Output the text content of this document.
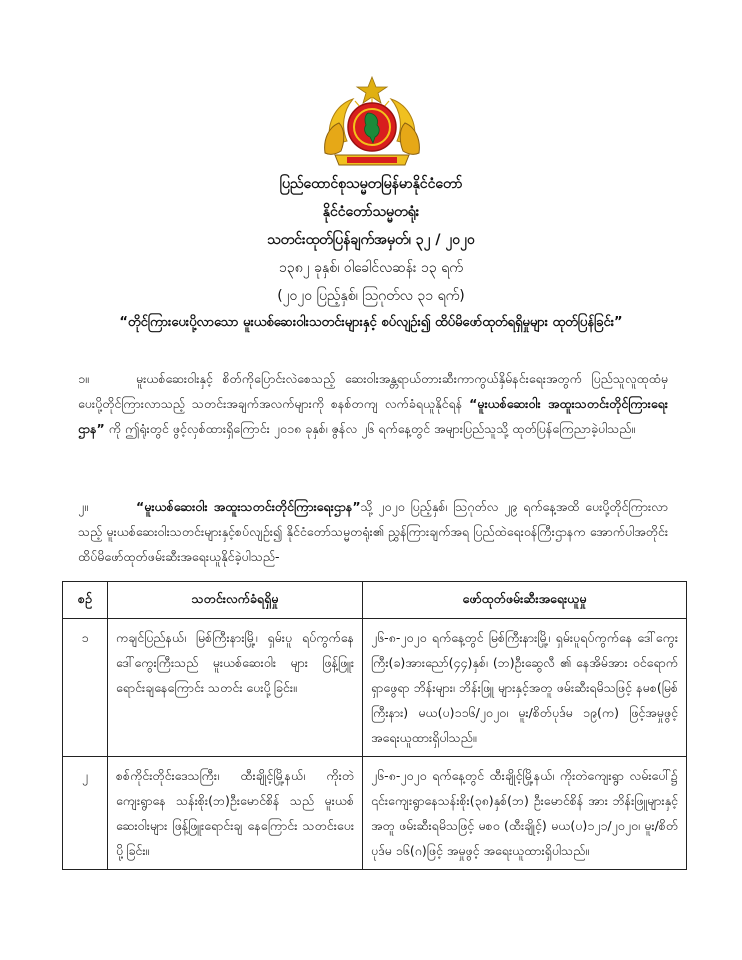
ပြည်ထောင်စုသမ္မတမြန်မာနိုင်ငံတော်
နိုင်ငံတော်သမ္မတရုံး
သတင်းထုတ်ပြန်ချက်အမှတ်၊ ၃၂ / ၂၀၂၀
၁၃၈၂ ခုနှစ်၊ ဝါခေါင်လဆန်း ၁၃ ရက်
(၂၀၂၀ ပြည့်နှစ်၊ ဩဂုတ်လ ၃၁ ရက်)
“တိုင်ကြားပေးပို့လာသော မူးယစ်ဆေးဝါးသတင်းများနှင့် စပ်လျဉ်း၍ ထိပ်မိဖော်ထုတ်ရရှိမှုများ ထုတ်ပြန်ခြင်း”
၁။	မူးယစ်ဆေးဝါးနှင့် စိတ်ကိုပြောင်းလဲစေသည့် ဆေးဝါးအန္တရာယ်တားဆီးကာကွယ်နှိမ်နင်းရေးအတွက် ပြည်သူလူထုထံမှ ပေးပို့တိုင်ကြားလာသည့် သတင်းအချက်အလက်များကို စနစ်တကျ လက်ခံရယူနိုင်ရန် “မူးယစ်ဆေးဝါး အထူးသတင်းတိုင်ကြားရေးဌာန” ကို ဤရုံးတွင် ဖွင့်လှစ်ထားရှိကြောင်း ၂၀၁၈ ခုနှစ်၊ ဇွန်လ ၂၆ ရက်နေ့တွင် အများပြည်သူသို့ ထုတ်ပြန်ကြေညာခဲ့ပါသည်။
၂။	“မူးယစ်ဆေးဝါး အထူးသတင်းတိုင်ကြားရေးဌာန”သို့ ၂၀၂၀ ပြည့်နှစ်၊ ဩဂုတ်လ ၂၉ ရက်နေ့အထိ ပေးပို့တိုင်ကြားလာသည့် မူးယစ်ဆေးဝါးသတင်းများနှင့်စပ်လျဉ်း၍ နိုင်ငံတော်သမ္မတရုံး၏ ညွှန်ကြားချက်အရ ပြည်ထဲရေးဝန်ကြီးဌာနက အောက်ပါအတိုင်း ထိပ်မိဖော်ထုတ်ဖမ်းဆီးအရေးယူနိုင်ခဲ့ပါသည်-
စဉ်	သတင်းလက်ခံရရှိမှု	ဖော်ထုတ်ဖမ်းဆီးအရေးယူမှု
၁	ကချင်ပြည်နယ်၊ မြစ်ကြီးနားမြို့၊ ရှမ်းပူ ရပ်ကွက်နေ ဒေါ်ကွေးကြီးသည် မူးယစ်ဆေးဝါး များ ဖြန့်ဖြူးရောင်းချနေကြောင်း သတင်း ပေးပို့ခြင်း။	၂၆-၈-၂၀၂၀ ရက်နေ့တွင် မြစ်ကြီးနားမြို့၊ ရှမ်းပူရပ်ကွက်နေ ဒေါ်ကွေးကြီး(ခ)အားညော်(၄၄)နှစ်၊ (ဘ)ဦးဆွေလီ ၏ နေအိမ်အား ဝင်ရောက်ရှာဖွေရာ ဘိန်းများ၊ ဘိန်းဖြူ များနှင့်အတူ ဖမ်းဆီးရမိသဖြင့် နမစ(မြစ်ကြီးနား) မယ(ပ)၁၁၆/၂၀၂၀၊ မူး/စိတ်ပုဒ်မ ၁၉(က) ဖြင့်အမှုဖွင့် အရေးယူထားရှိပါသည်။
၂	စစ်ကိုင်းတိုင်းဒေသကြီး၊ ထီးချိုင့်မြို့နယ်၊ ကိုးတဲကျေးရွာနေ သန်းစိုး(ဘ)ဦးမောင်စိန် သည် မူးယစ်ဆေးဝါးများ ဖြန့်ဖြူးရောင်းချ နေကြောင်း သတင်းပေးပို့ခြင်း။	၂၆-၈-၂၀၂၀ ရက်နေ့တွင် ထီးချိုင့်မြို့နယ်၊ ကိုးတဲကျေးရွာ လမ်းပေါ်၌ ၎င်းကျေးရွာနေသန်းစိုး(၃၈)နှစ်(ဘ) ဦးမောင်စိန် အား ဘိန်းဖြူများနှင့်အတူ ဖမ်းဆီးရမိသဖြင့် မစဝ (ထီးချိုင့်) မယ(ပ)၁၂၁/၂၀၂၀၊ မူး/စိတ်ပုဒ်မ ၁၆(ဂ)ဖြင့် အမှုဖွင့် အရေးယူထားရှိပါသည်။
